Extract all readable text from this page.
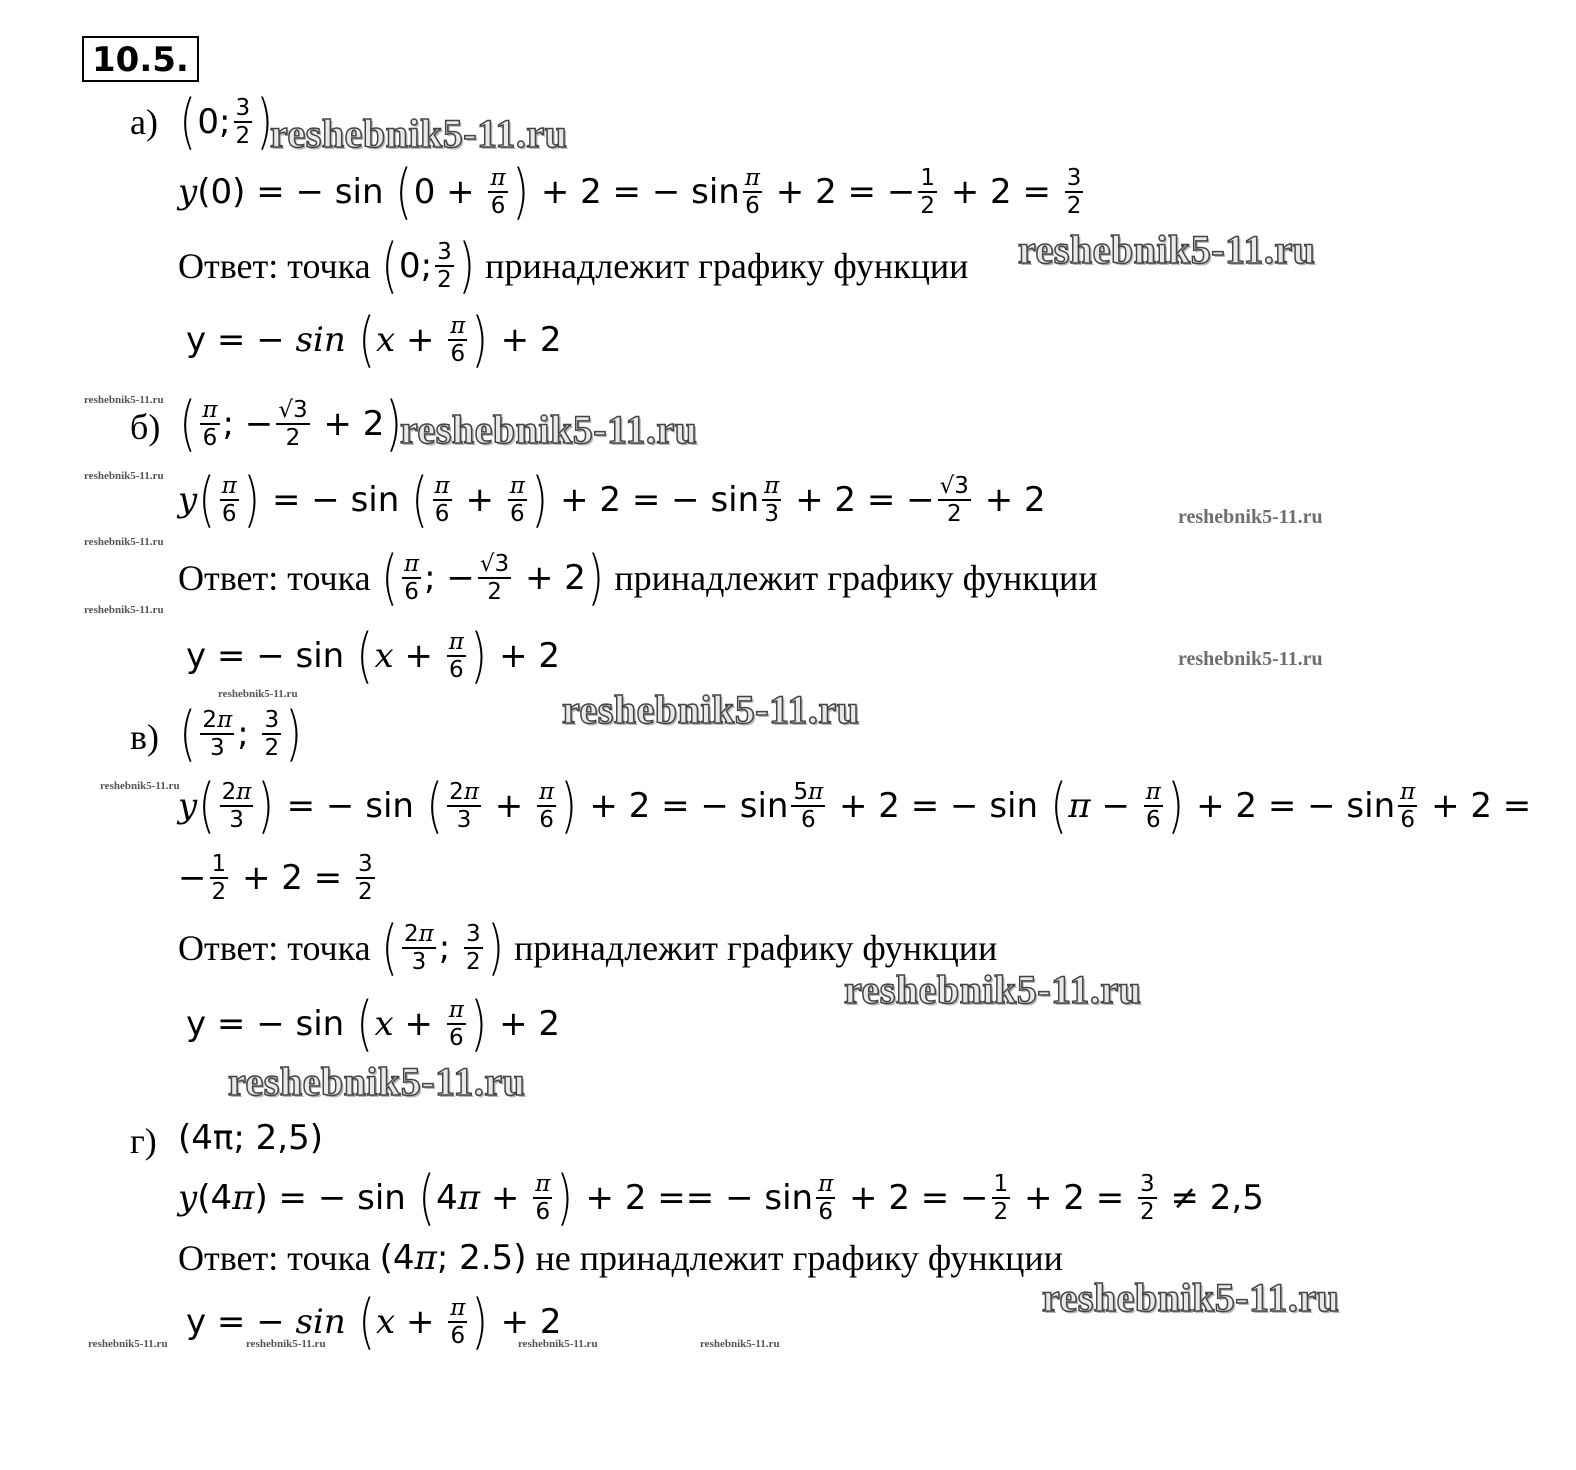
10.5.
а) ( 0; $\frac{3}{2}$ )
y (0) = − sin ( $0 + \frac{\pi}{6}$ ) + 2 = − $\sin \frac{\pi}{6} + 2$ = − $\frac{1}{2} + 2 = \frac{3}{2}$
Ответ: точка ( 0; $\frac{3}{2}$ ) принадлежит графику функции
y = − sin ( $x + \frac{\pi}{6}$ ) + 2
б) ( $\frac{\pi}{6}$ ; − $\frac{√3}{2} + 2$ )
y ( $\frac{\pi}{6}$ ) = − sin ( $\frac{\pi}{6} + \frac{\pi}{6}$ ) + 2 = − $\sin \frac{\pi}{3} + 2$ = − $\frac{√3}{2} + 2$
Ответ: точка ( $\frac{\pi}{6}$ ; − $\frac{√3}{2} + 2$ ) принадлежит графику функции
y = − sin ( $x + \frac{\pi}{6}$ ) + 2
в) ( $\frac{2\pi}{3}$ ; $\frac{3}{2}$ )
y ( $\frac{2\pi}{3}$ ) = − sin ( $\frac{2\pi}{3} + \frac{\pi}{6}$ ) + 2 = − $\sin \frac{5\pi}{6} + 2$ = − sin ( $\pi - \frac{\pi}{6}$ ) + 2 = − $\sin \frac{\pi}{6} + 2$ =
− $\frac{1}{2} + 2 = \frac{3}{2}$
Ответ: точка ( $\frac{2\pi}{3}$ ; $\frac{3}{2}$ ) принадлежит графику функции
y = − sin ( $x + \frac{\pi}{6}$ ) + 2
г) (4π; 2,5)
y (4 π ) = − sin ( 4 $\pi + \frac{\pi}{6}$ ) + 2 == − $\sin \frac{\pi}{6} + 2$ = − $\frac{1}{2} + 2 = \frac{3}{2} \ne 2,5$
Ответ: точка (4 π ; 2.5) не принадлежит графику функции
y = − sin ( $x + \frac{\pi}{6}$ ) + 2
reshebnik5-11.ru
reshebnik5-11.ru
reshebnik5-11.ru
reshebnik5-11.ru
reshebnik5-11.ru
reshebnik5-11.ru
reshebnik5-11.ru
reshebnik5-11.ru
reshebnik5-11.ru
reshebnik5-11.ru
reshebnik5-11.ru
reshebnik5-11.ru
reshebnik5-11.ru
reshebnik5-11.ru
reshebnik5-11.ru
reshebnik5-11.ru	reshebnik5-11.ru	reshebnik5-11.ru	reshebnik5-11.ru
